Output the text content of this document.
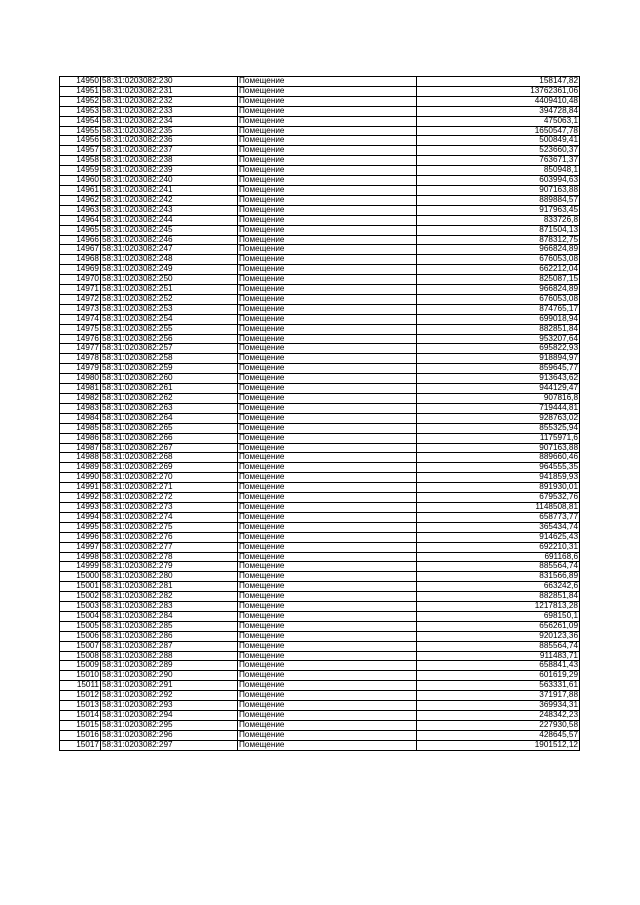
14950	58:31:0203082:230	Помещение	158147,82
14951	58:31:0203082:231	Помещение	13762361,06
14952	58:31:0203082:232	Помещение	4409410,48
14953	58:31:0203082:233	Помещение	394728,84
14954	58:31:0203082:234	Помещение	475063,1
14955	58:31:0203082:235	Помещение	1650547,78
14956	58:31:0203082:236	Помещение	500849,41
14957	58:31:0203082:237	Помещение	523660,37
14958	58:31:0203082:238	Помещение	763671,37
14959	58:31:0203082:239	Помещение	850948,1
14960	58:31:0203082:240	Помещение	603994,63
14961	58:31:0203082:241	Помещение	907163,88
14962	58:31:0203082:242	Помещение	889884,57
14963	58:31:0203082:243	Помещение	917963,45
14964	58:31:0203082:244	Помещение	833726,8
14965	58:31:0203082:245	Помещение	871504,13
14966	58:31:0203082:246	Помещение	878312,75
14967	58:31:0203082:247	Помещение	966824,89
14968	58:31:0203082:248	Помещение	676053,08
14969	58:31:0203082:249	Помещение	662212,04
14970	58:31:0203082:250	Помещение	825087,15
14971	58:31:0203082:251	Помещение	966824,89
14972	58:31:0203082:252	Помещение	676053,08
14973	58:31:0203082:253	Помещение	874765,17
14974	58:31:0203082:254	Помещение	699018,94
14975	58:31:0203082:255	Помещение	882851,84
14976	58:31:0203082:256	Помещение	953207,64
14977	58:31:0203082:257	Помещение	695822,93
14978	58:31:0203082:258	Помещение	918894,97
14979	58:31:0203082:259	Помещение	859645,77
14980	58:31:0203082:260	Помещение	913643,62
14981	58:31:0203082:261	Помещение	944129,47
14982	58:31:0203082:262	Помещение	907816,8
14983	58:31:0203082:263	Помещение	719444,81
14984	58:31:0203082:264	Помещение	928763,02
14985	58:31:0203082:265	Помещение	855325,94
14986	58:31:0203082:266	Помещение	1175971,6
14987	58:31:0203082:267	Помещение	907163,88
14988	58:31:0203082:268	Помещение	889660,46
14989	58:31:0203082:269	Помещение	964555,35
14990	58:31:0203082:270	Помещение	941859,93
14991	58:31:0203082:271	Помещение	891930,01
14992	58:31:0203082:272	Помещение	679532,76
14993	58:31:0203082:273	Помещение	1148508,81
14994	58:31:0203082:274	Помещение	658773,77
14995	58:31:0203082:275	Помещение	365434,74
14996	58:31:0203082:276	Помещение	914625,43
14997	58:31:0203082:277	Помещение	692210,31
14998	58:31:0203082:278	Помещение	691168,6
14999	58:31:0203082:279	Помещение	885564,74
15000	58:31:0203082:280	Помещение	831566,89
15001	58:31:0203082:281	Помещение	663242,6
15002	58:31:0203082:282	Помещение	882851,84
15003	58:31:0203082:283	Помещение	1217813,28
15004	58:31:0203082:284	Помещение	698150,1
15005	58:31:0203082:285	Помещение	656261,09
15006	58:31:0203082:286	Помещение	920123,36
15007	58:31:0203082:287	Помещение	885564,74
15008	58:31:0203082:288	Помещение	911483,71
15009	58:31:0203082:289	Помещение	658841,43
15010	58:31:0203082:290	Помещение	601619,29
15011	58:31:0203082:291	Помещение	563331,61
15012	58:31:0203082:292	Помещение	371917,88
15013	58:31:0203082:293	Помещение	369934,31
15014	58:31:0203082:294	Помещение	248342,23
15015	58:31:0203082:295	Помещение	227930,58
15016	58:31:0203082:296	Помещение	428645,57
15017	58:31:0203082:297	Помещение	1901512,12
